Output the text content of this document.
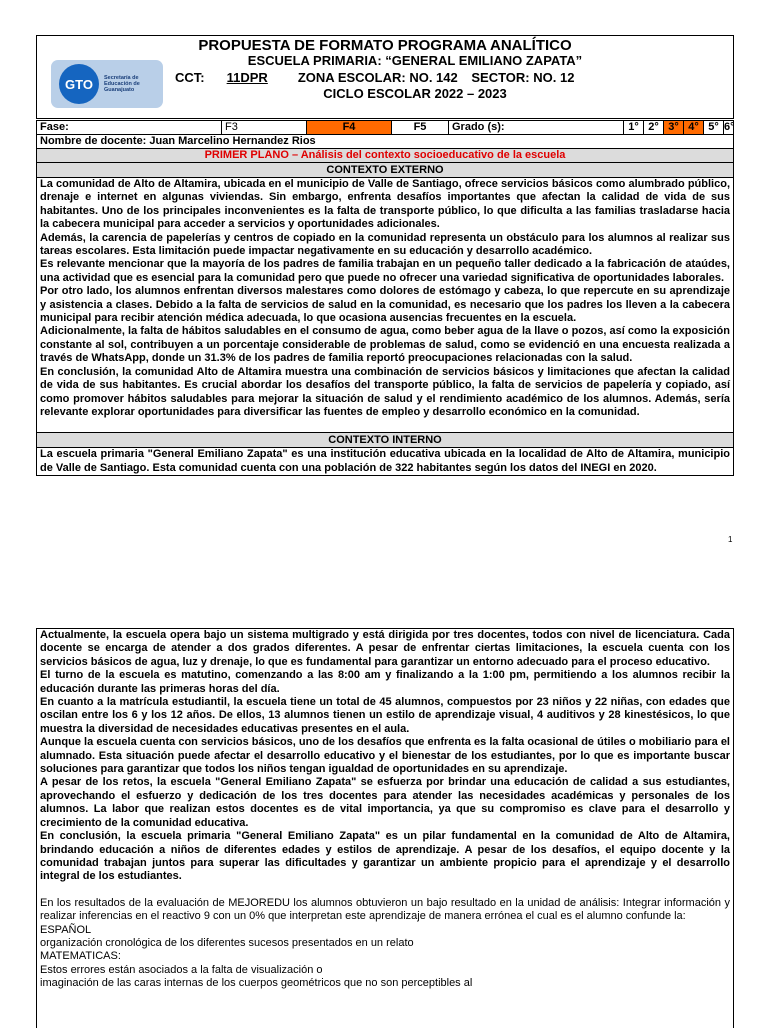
PROPUESTA DE FORMATO PROGRAMA ANALÍTICO
GTO	Secretaría de Educación de Guanajuato
ESCUELA PRIMARIA: “GENERAL EMILIANO ZAPATA”
CCT: 11DPR ZONA ESCOLAR: NO. 142 SECTOR: NO. 12
CICLO ESCOLAR 2022 – 2023
Fase:	F3	F4	F5	Grado (s):	1° 2° 3° 4° 5° 6°
Nombre de docente: Juan Marcelino Hernandez Rios
PRIMER PLANO – Análisis del contexto socioeducativo de la escuela
CONTEXTO EXTERNO

La comunidad de Alto de Altamira, ubicada en el municipio de Valle de Santiago, ofrece servicios básicos como alumbrado público, drenaje e internet en algunas viviendas. Sin embargo, enfrenta desafíos importantes que afectan la calidad de vida de sus habitantes. Uno de los principales inconvenientes es la falta de transporte público, lo que dificulta a las familias trasladarse hacia la cabecera municipal para acceder a servicios y oportunidades adicionales.

Además, la carencia de papelerías y centros de copiado en la comunidad representa un obstáculo para los alumnos al realizar sus tareas escolares. Esta limitación puede impactar negativamente en su educación y desarrollo académico.

Es relevante mencionar que la mayoría de los padres de familia trabajan en un pequeño taller dedicado a la fabricación de ataúdes, una actividad que es esencial para la comunidad pero que puede no ofrecer una variedad significativa de oportunidades laborales.

Por otro lado, los alumnos enfrentan diversos malestares como dolores de estómago y cabeza, lo que repercute en su aprendizaje y asistencia a clases. Debido a la falta de servicios de salud en la comunidad, es necesario que los padres los lleven a la cabecera municipal para recibir atención médica adecuada, lo que ocasiona ausencias frecuentes en la escuela.

Adicionalmente, la falta de hábitos saludables en el consumo de agua, como beber agua de la llave o pozos, así como la exposición constante al sol, contribuyen a un porcentaje considerable de problemas de salud, como se evidenció en una encuesta realizada a través de WhatsApp, donde un 31.3% de los padres de familia reportó preocupaciones relacionadas con la salud.

En conclusión, la comunidad Alto de Altamira muestra una combinación de servicios básicos y limitaciones que afectan la calidad de vida de sus habitantes. Es crucial abordar los desafíos del transporte público, la falta de servicios de papelería y copiado, así como promover hábitos saludables para mejorar la situación de salud y el rendimiento académico de los alumnos. Además, sería relevante explorar oportunidades para diversificar las fuentes de empleo y desarrollo económico en la comunidad.

CONTEXTO INTERNO

La escuela primaria "General Emiliano Zapata" es una institución educativa ubicada en la localidad de Alto de Altamira, municipio de Valle de Santiago. Esta comunidad cuenta con una población de 322 habitantes según los datos del INEGI en 2020.

1

Actualmente, la escuela opera bajo un sistema multigrado y está dirigida por tres docentes, todos con nivel de licenciatura. Cada docente se encarga de atender a dos grados diferentes. A pesar de enfrentar ciertas limitaciones, la escuela cuenta con los servicios básicos de agua, luz y drenaje, lo que es fundamental para garantizar un entorno adecuado para el proceso educativo.

El turno de la escuela es matutino, comenzando a las 8:00 am y finalizando a la 1:00 pm, permitiendo a los alumnos recibir la educación durante las primeras horas del día.

En cuanto a la matrícula estudiantil, la escuela tiene un total de 45 alumnos, compuestos por 23 niños y 22 niñas, con edades que oscilan entre los 6 y los 12 años. De ellos, 13 alumnos tienen un estilo de aprendizaje visual, 4 auditivos y 28 kinestésicos, lo que muestra la diversidad de necesidades educativas presentes en el aula.

Aunque la escuela cuenta con servicios básicos, uno de los desafíos que enfrenta es la falta ocasional de útiles o mobiliario para el alumnado. Esta situación puede afectar el desarrollo educativo y el bienestar de los estudiantes, por lo que es importante buscar soluciones para garantizar que todos los niños tengan igualdad de oportunidades en su aprendizaje.

A pesar de los retos, la escuela "General Emiliano Zapata" se esfuerza por brindar una educación de calidad a sus estudiantes, aprovechando el esfuerzo y dedicación de los tres docentes para atender las necesidades académicas y personales de los alumnos. La labor que realizan estos docentes es de vital importancia, ya que su compromiso es clave para el desarrollo y crecimiento de la comunidad educativa.

En conclusión, la escuela primaria "General Emiliano Zapata" es un pilar fundamental en la comunidad de Alto de Altamira, brindando educación a niños de diferentes edades y estilos de aprendizaje. A pesar de los desafíos, el equipo docente y la comunidad trabajan juntos para superar las dificultades y garantizar un ambiente propicio para el aprendizaje y el desarrollo integral de los estudiantes.

En los resultados de la evaluación de MEJOREDU los alumnos obtuvieron un bajo resultado en la unidad de análisis: Integrar información y realizar inferencias en el reactivo 9 con un 0% que interpretan este aprendizaje de manera errónea el cual es el alumno confunde la:

ESPAÑOL

organización cronológica de los diferentes sucesos presentados en un relato

MATEMATICAS:

Estos errores están asociados a la falta de visualización o

imaginación de las caras internas de los cuerpos geométricos que no son perceptibles al
